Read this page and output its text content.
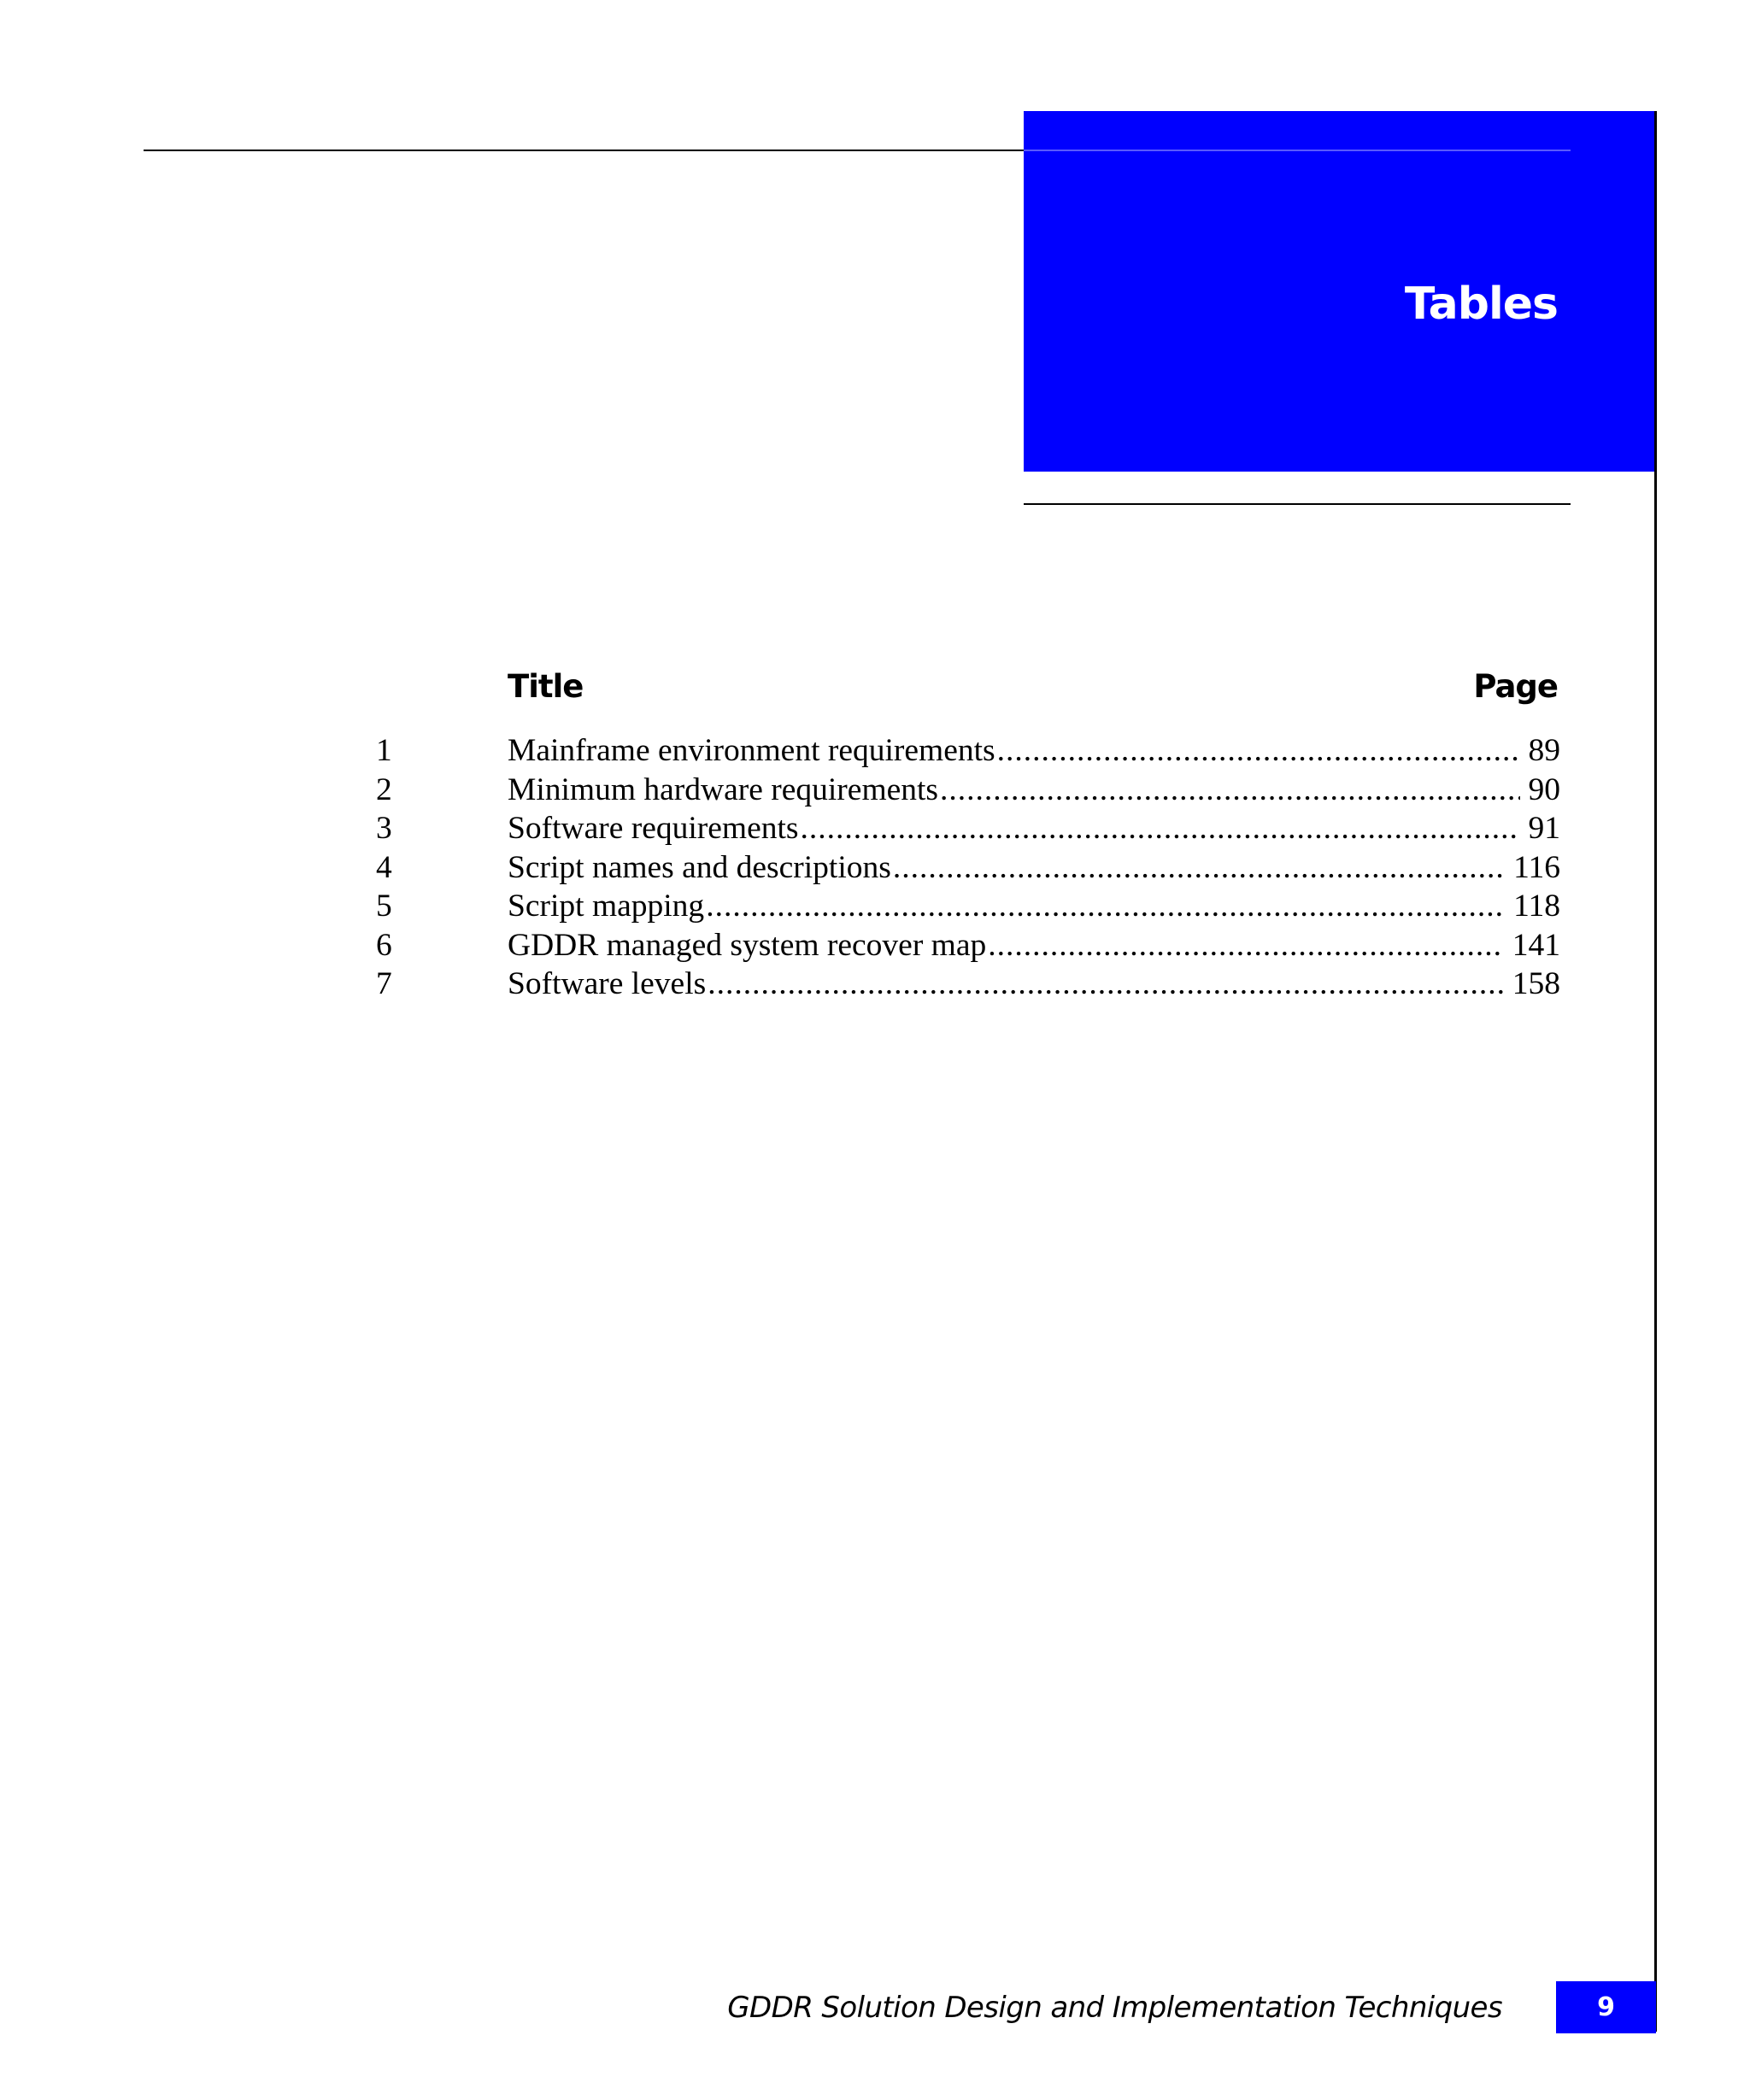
Tables
Title	Page
1	Mainframe environment requirements .....	89
2	Minimum hardware requirements .....	90
3	Software requirements .....	91
4	Script names and descriptions .....	116
5	Script mapping .....	118
6	GDDR managed system recover map .....	141
7	Software levels .....	158
GDDR Solution Design and Implementation Techniques	9
